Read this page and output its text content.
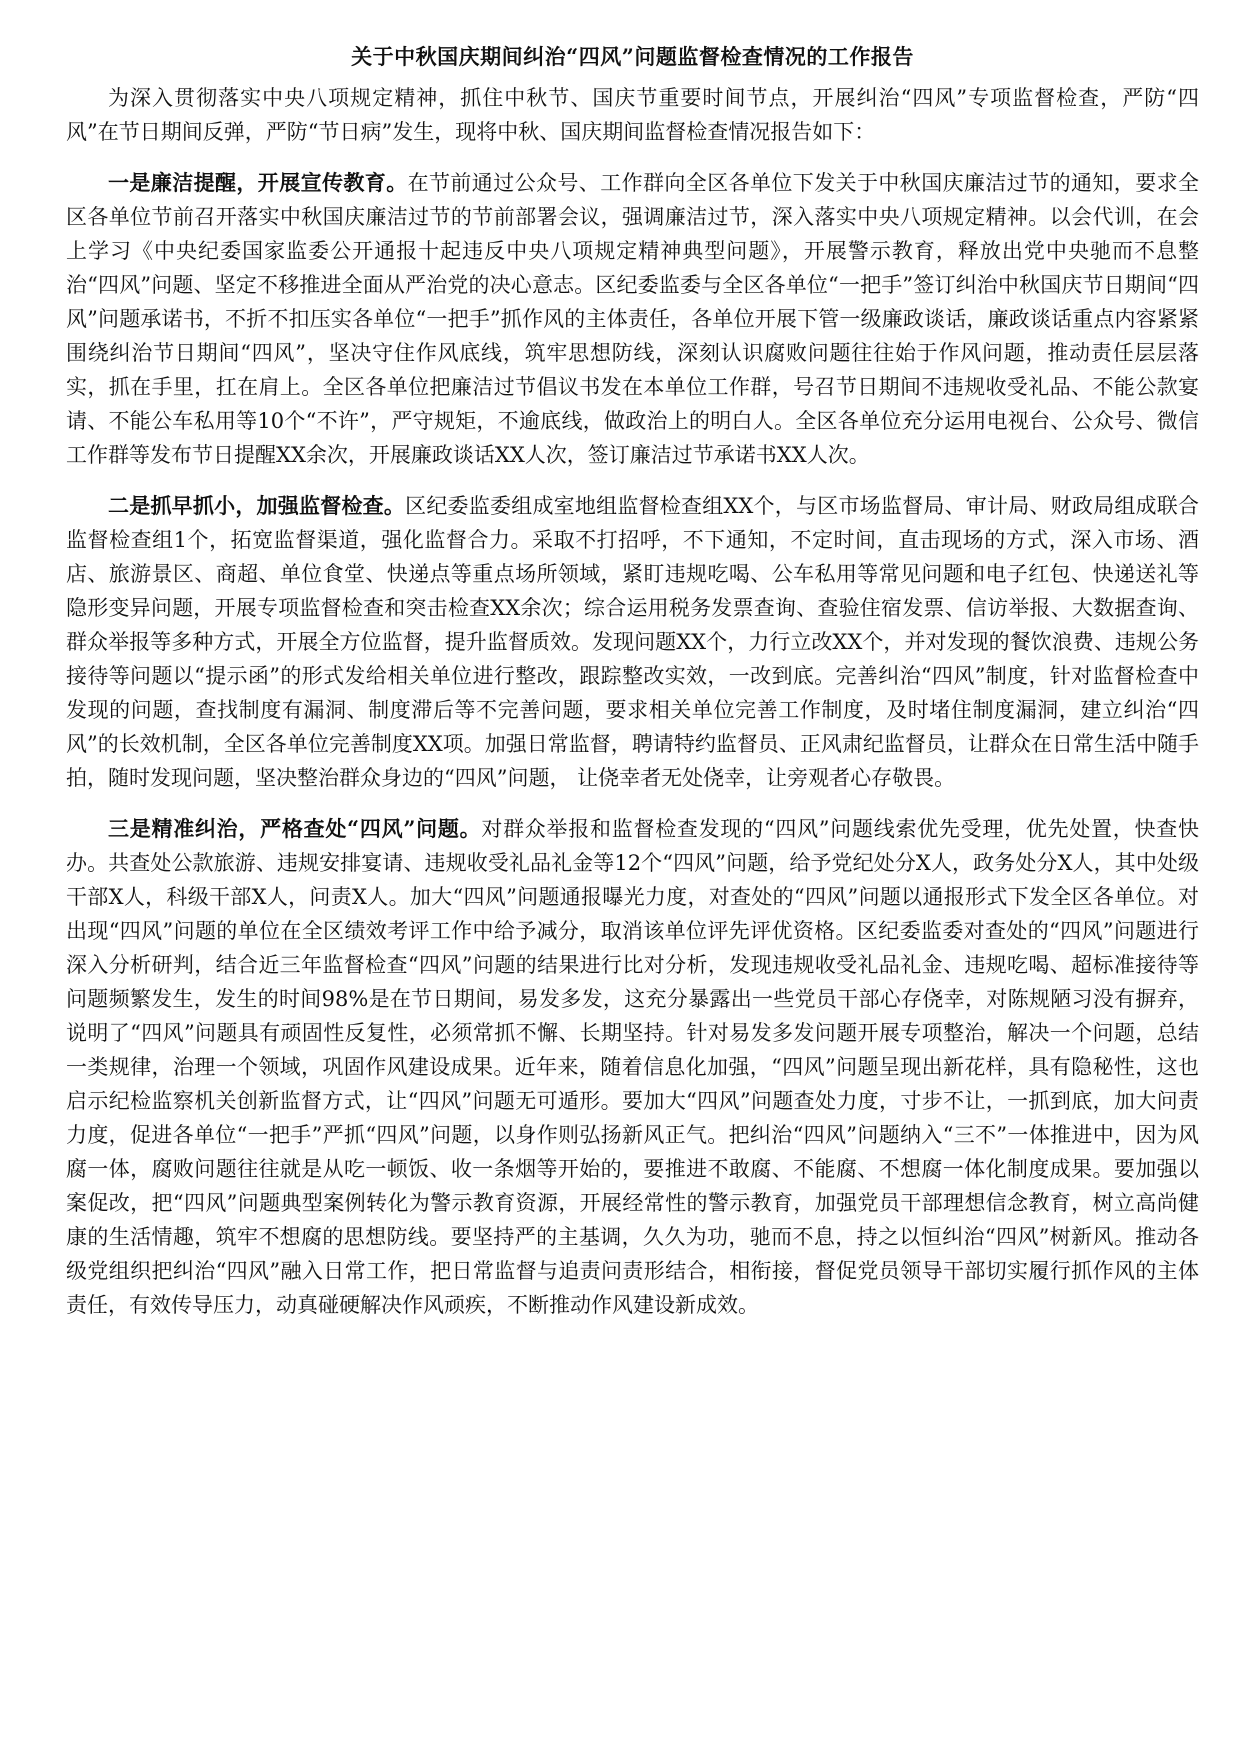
关于中秋国庆期间纠治“四风”问题监督检查情况的工作报告

为深入贯彻落实中央八项规定精神，抓住中秋节、国庆节重要时间节点，开展纠治“四风”专项监督检查，严防“四风”在节日期间反弹，严防“节日病”发生，现将中秋、国庆期间监督检查情况报告如下：

一是廉洁提醒，开展宣传教育。在节前通过公众号、工作群向全区各单位下发关于中秋国庆廉洁过节的通知，要求全区各单位节前召开落实中秋国庆廉洁过节的节前部署会议，强调廉洁过节，深入落实中央八项规定精神。以会代训，在会上学习《中央纪委国家监委公开通报十起违反中央八项规定精神典型问题》，开展警示教育，释放出党中央驰而不息整治“四风”问题、坚定不移推进全面从严治党的决心意志。区纪委监委与全区各单位“一把手”签订纠治中秋国庆节日期间“四风”问题承诺书，不折不扣压实各单位“一把手”抓作风的主体责任，各单位开展下管一级廉政谈话，廉政谈话重点内容紧紧围绕纠治节日期间“四风”，坚决守住作风底线，筑牢思想防线，深刻认识腐败问题往往始于作风问题，推动责任层层落实，抓在手里，扛在肩上。全区各单位把廉洁过节倡议书发在本单位工作群，号召节日期间不违规收受礼品、不能公款宴请、不能公车私用等10个“不许”，严守规矩，不逾底线，做政治上的明白人。全区各单位充分运用电视台、公众号、微信工作群等发布节日提醒XX余次，开展廉政谈话XX人次，签订廉洁过节承诺书XX人次。

二是抓早抓小，加强监督检查。区纪委监委组成室地组监督检查组XX个，与区市场监督局、审计局、财政局组成联合监督检查组1个，拓宽监督渠道，强化监督合力。采取不打招呼，不下通知，不定时间，直击现场的方式，深入市场、酒店、旅游景区、商超、单位食堂、快递点等重点场所领域，紧盯违规吃喝、公车私用等常见问题和电子红包、快递送礼等隐形变异问题，开展专项监督检查和突击检查XX余次；综合运用税务发票查询、查验住宿发票、信访举报、大数据查询、群众举报等多种方式，开展全方位监督，提升监督质效。发现问题XX个，力行立改XX个，并对发现的餐饮浪费、违规公务接待等问题以“提示函”的形式发给相关单位进行整改，跟踪整改实效，一改到底。完善纠治“四风”制度，针对监督检查中发现的问题，查找制度有漏洞、制度滞后等不完善问题，要求相关单位完善工作制度，及时堵住制度漏洞，建立纠治“四风”的长效机制，全区各单位完善制度XX项。加强日常监督，聘请特约监督员、正风肃纪监督员，让群众在日常生活中随手拍，随时发现问题，坚决整治群众身边的“四风”问题， 让侥幸者无处侥幸，让旁观者心存敬畏。

三是精准纠治，严格查处“四风”问题。对群众举报和监督检查发现的“四风”问题线索优先受理，优先处置，快查快办。共查处公款旅游、违规安排宴请、违规收受礼品礼金等12个“四风”问题，给予党纪处分X人，政务处分X人，其中处级干部X人，科级干部X人，问责X人。加大“四风”问题通报曝光力度，对查处的“四风”问题以通报形式下发全区各单位。对出现“四风”问题的单位在全区绩效考评工作中给予减分，取消该单位评先评优资格。区纪委监委对查处的“四风”问题进行深入分析研判，结合近三年监督检查“四风”问题的结果进行比对分析，发现违规收受礼品礼金、违规吃喝、超标准接待等问题频繁发生，发生的时间98%是在节日期间，易发多发，这充分暴露出一些党员干部心存侥幸，对陈规陋习没有摒弃，说明了“四风”问题具有顽固性反复性，必须常抓不懈、长期坚持。针对易发多发问题开展专项整治，解决一个问题，总结一类规律，治理一个领域，巩固作风建设成果。近年来，随着信息化加强，“四风”问题呈现出新花样，具有隐秘性，这也启示纪检监察机关创新监督方式，让“四风”问题无可遁形。要加大“四风”问题查处力度，寸步不让，一抓到底，加大问责力度，促进各单位“一把手”严抓“四风”问题，以身作则弘扬新风正气。把纠治“四风”问题纳入“三不”一体推进中，因为风腐一体，腐败问题往往就是从吃一顿饭、收一条烟等开始的，要推进不敢腐、不能腐、不想腐一体化制度成果。要加强以案促改，把“四风”问题典型案例转化为警示教育资源，开展经常性的警示教育，加强党员干部理想信念教育，树立高尚健康的生活情趣，筑牢不想腐的思想防线。要坚持严的主基调，久久为功，驰而不息，持之以恒纠治“四风”树新风。推动各级党组织把纠治“四风”融入日常工作，把日常监督与追责问责形结合，相衔接，督促党员领导干部切实履行抓作风的主体责任，有效传导压力，动真碰硬解决作风顽疾，不断推动作风建设新成效。
